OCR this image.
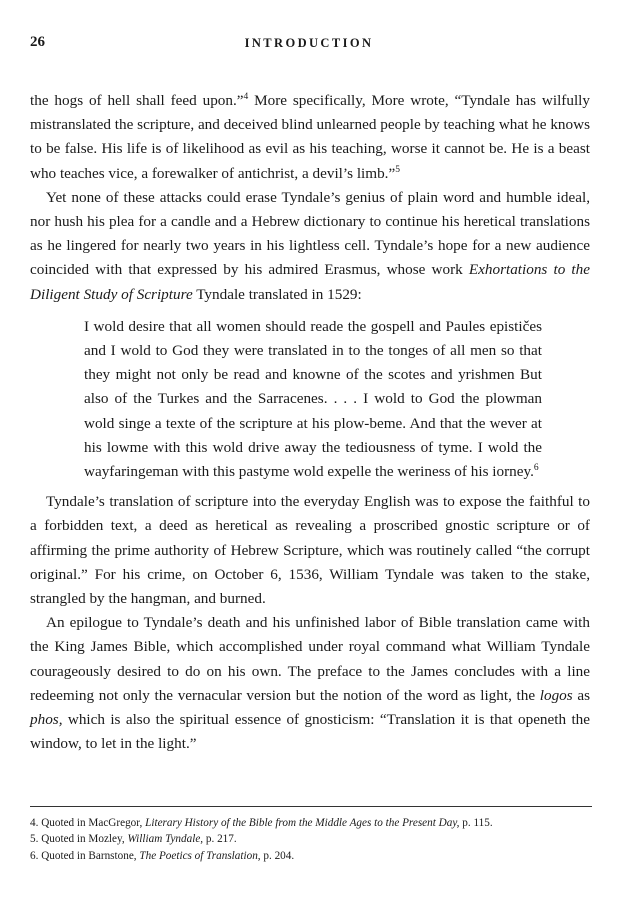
26	INTRODUCTION

the hogs of hell shall feed upon.”$^4$ More specifically, More wrote, “Tyndale has wilfully mistranslated the scripture, and deceived blind unlearned people by teaching what he knows to be false. His life is of likelihood as evil as his teaching, worse it cannot be. He is a beast who teaches vice, a forewalker of antichrist, a devil’s limb.”$^5$

Yet none of these attacks could erase Tyndale’s genius of plain word and humble ideal, nor hush his plea for a candle and a Hebrew dictionary to continue his heretical translations as he lingered for nearly two years in his lightless cell. Tyndale’s hope for a new audience coincided with that expressed by his admired Erasmus, whose work Exhortations to the Diligent Study of Scripture Tyndale translated in 1529:

I wold desire that all women should reade the gospell and Paules epističes and I wold to God they were translated in to the tonges of all men so that they might not only be read and knowne of the scotes and yrishmen But also of the Turkes and the Sarracenes. . . . I wold to God the plowman wold singe a texte of the scripture at his plow-beme. And that the wever at his lowme with this wold drive away the tediousness of tyme. I wold the wayfaringeman with this pastyme wold expelle the weriness of his iorney.$^6$

Tyndale’s translation of scripture into the everyday English was to expose the faithful to a forbidden text, a deed as heretical as revealing a proscribed gnostic scripture or of affirming the prime authority of Hebrew Scripture, which was routinely called “the corrupt original.” For his crime, on October 6, 1536, William Tyndale was taken to the stake, strangled by the hangman, and burned.

An epilogue to Tyndale’s death and his unfinished labor of Bible translation came with the King James Bible, which accomplished under royal command what William Tyndale courageously desired to do on his own. The preface to the James concludes with a line redeeming not only the vernacular version but the notion of the word as light, the logos as phos, which is also the spiritual essence of gnosticism: “Translation it is that openeth the window, to let in the light.”

4. Quoted in MacGregor, Literary History of the Bible from the Middle Ages to the Present Day, p. 115.
5. Quoted in Mozley, William Tyndale, p. 217.
6. Quoted in Barnstone, The Poetics of Translation, p. 204.
